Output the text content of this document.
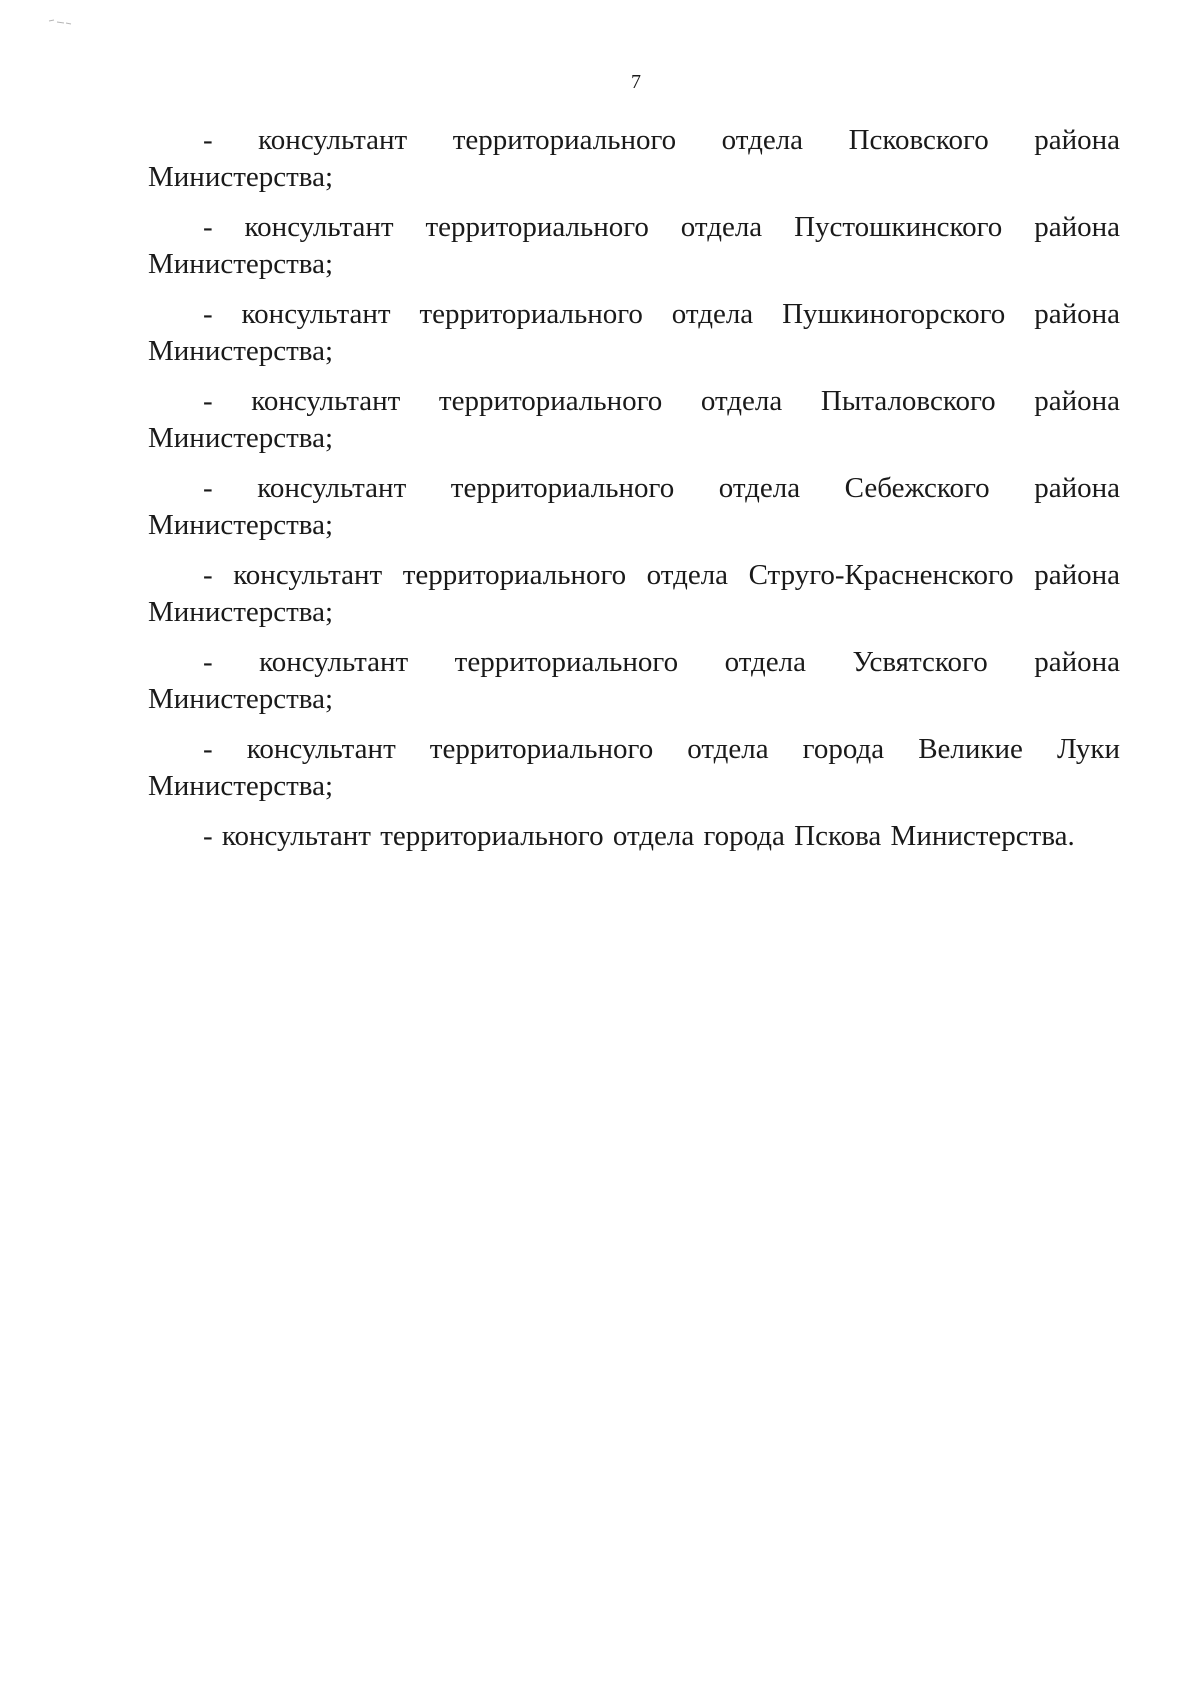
7

- консультант территориального отдела Псковского района Министерства;

- консультант территориального отдела Пустошкинского района Министерства;

- консультант территориального отдела Пушкиногорского района Министерства;

- консультант территориального отдела Пыталовского района Министерства;

- консультант территориального отдела Себежского района Министерства;

- консультант территориального отдела Струго-Красненского района Министерства;

- консультант территориального отдела Усвятского района Министерства;

- консультант территориального отдела города Великие Луки Министерства;

- консультант территориального отдела города Пскова Министерства.
